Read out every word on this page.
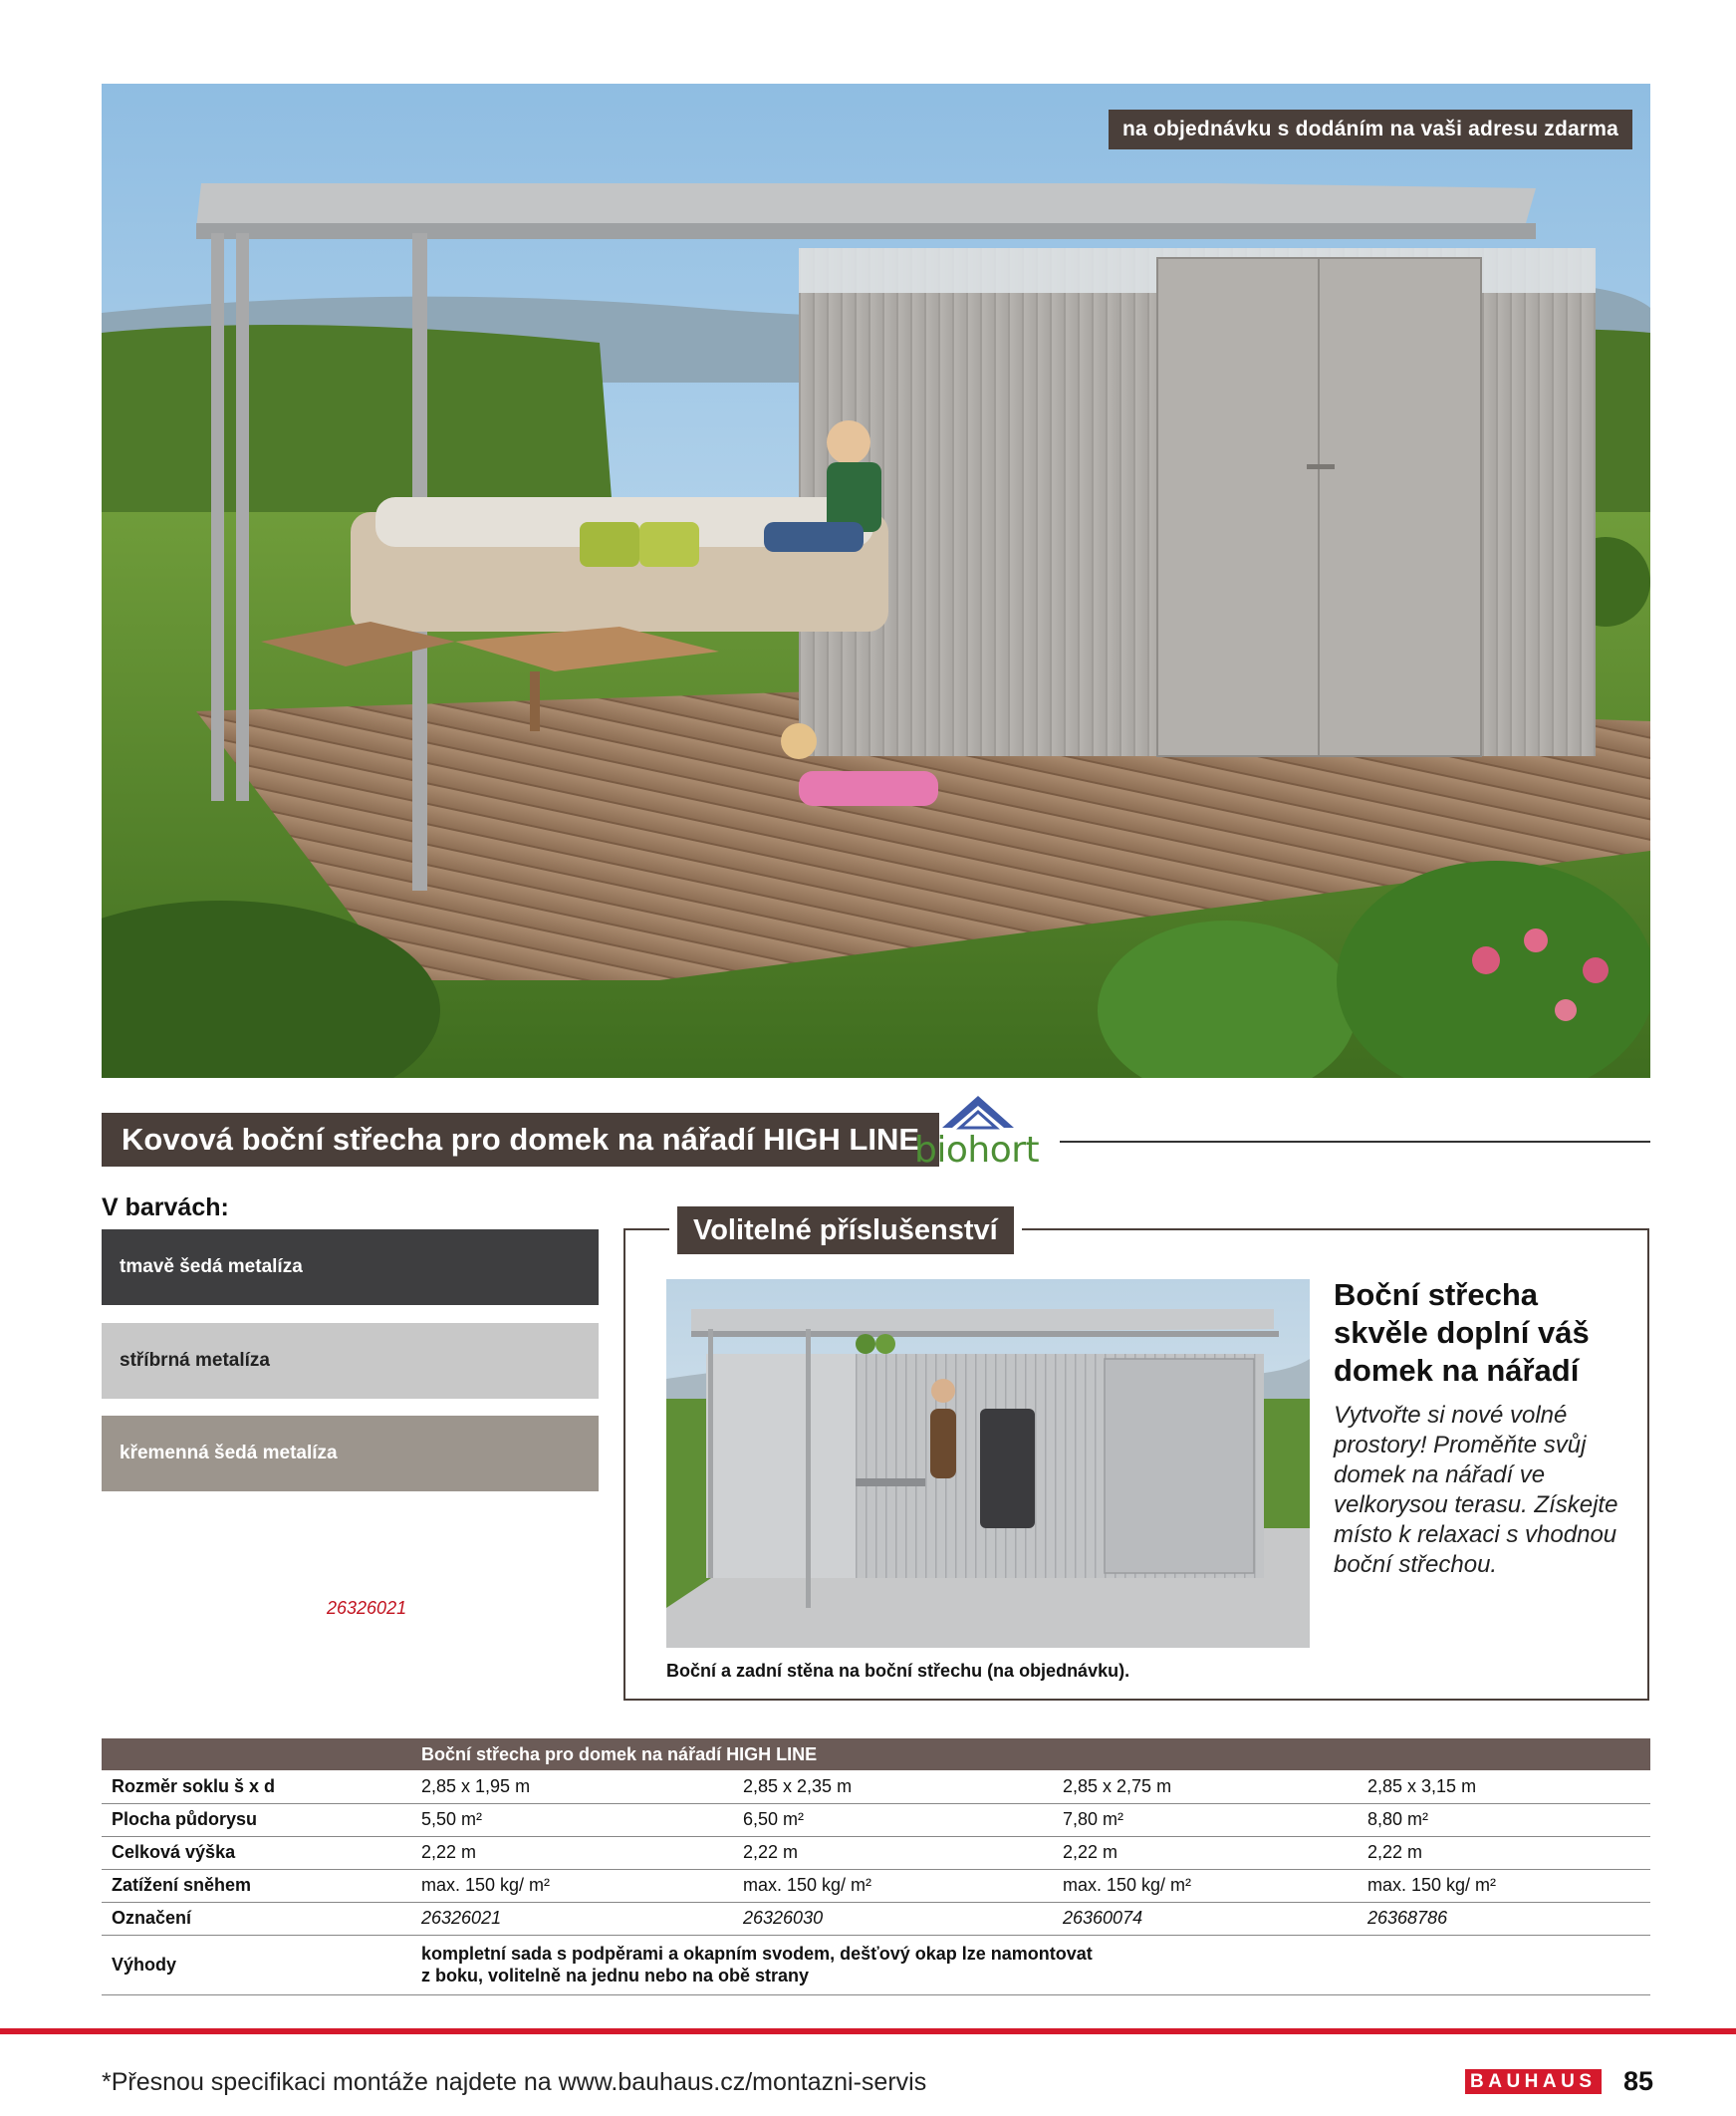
na objednávku s dodáním na vaši adresu zdarma
Kovová boční střecha pro domek na nářadí HIGH LINE
biohort
V barvách:
tmavě šedá metalíza
stříbrná metalíza
křemenná šedá metalíza
26326021
Volitelné příslušenství
Boční a zadní stěna na boční střechu (na objednávku).
Boční střecha skvěle doplní váš domek na nářadí
Vytvořte si nové volné prostory! Proměňte svůj domek na nářadí ve velkorysou terasu. Získejte místo k relaxaci s vhodnou boční střechou.
	Boční střecha pro domek na nářadí HIGH LINE			
Rozměr soklu š x d	2,85 x 1,95 m	2,85 x 2,35 m	2,85 x 2,75 m	2,85 x 3,15 m
Plocha půdorysu	5,50 m²	6,50 m²	7,80 m²	8,80 m²
Celková výška	2,22 m	2,22 m	2,22 m	2,22 m
Zatížení sněhem	max. 150 kg/ m²	max. 150 kg/ m²	max. 150 kg/ m²	max. 150 kg/ m²
Označení	26326021	26326030	26360074	26368786
Výhody	kompletní sada s podpěrami a okapním svodem, dešťový okap lze namontovat
z boku, volitelně na jednu nebo na obě strany			
*Přesnou specifikaci montáže najdete na www.bauhaus.cz/montazni-servis	BAUHAUS 85
